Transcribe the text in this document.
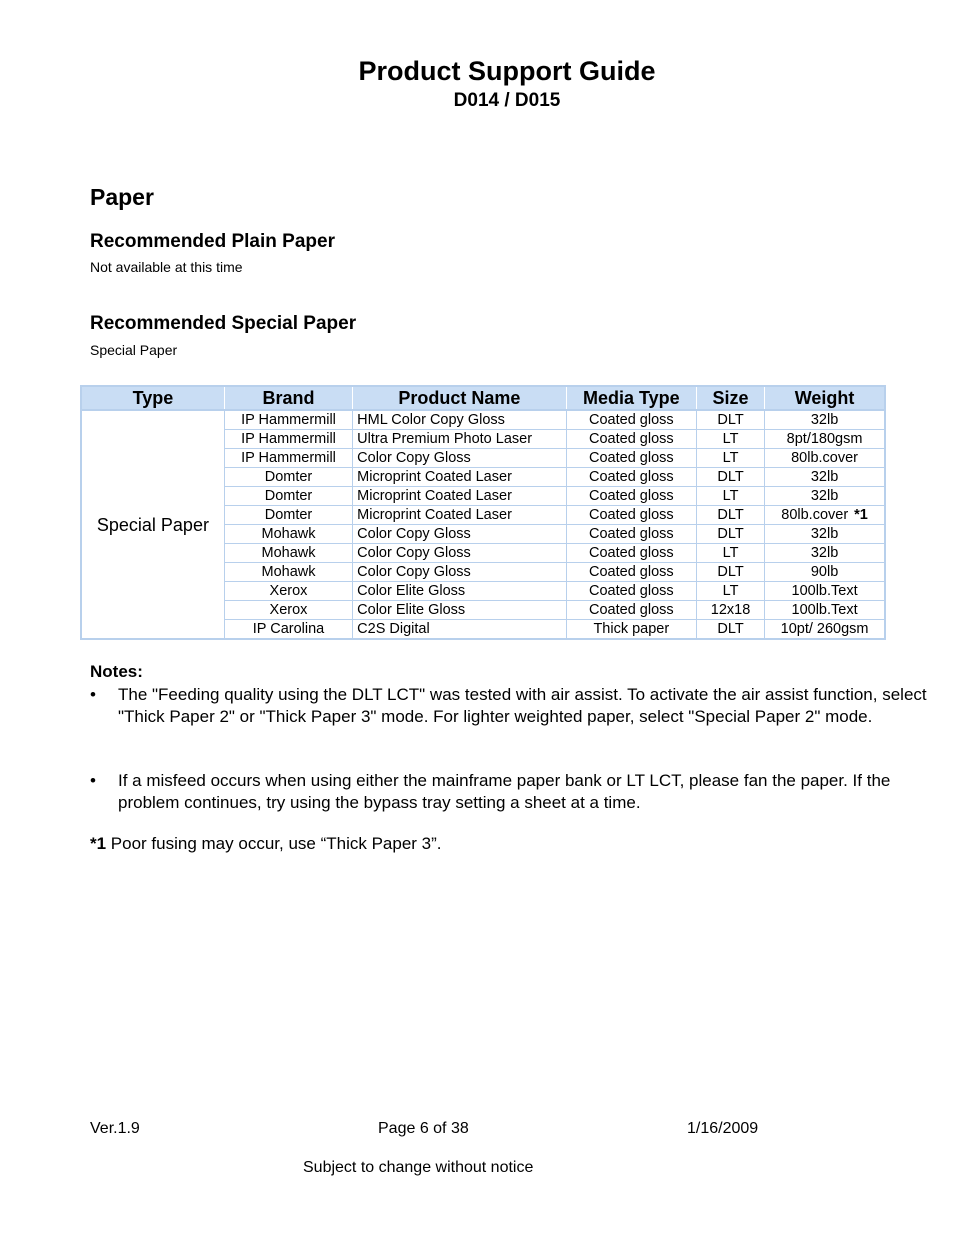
Product Support Guide
D014 / D015
Paper
Recommended Plain Paper
Not available at this time
Recommended Special Paper
Special Paper
Type	Brand	Product Name	Media Type	Size	Weight
Special Paper	IP Hammermill	HML Color Copy Gloss	Coated gloss	DLT	32lb
	IP Hammermill	Ultra Premium Photo Laser	Coated gloss	LT	8pt/180gsm
	IP Hammermill	Color Copy Gloss	Coated gloss	LT	80lb.cover
	Domter	Microprint Coated Laser	Coated gloss	DLT	32lb
	Domter	Microprint Coated Laser	Coated gloss	LT	32lb
	Domter	Microprint Coated Laser	Coated gloss	DLT	80lb.cover *1
	Mohawk	Color Copy Gloss	Coated gloss	DLT	32lb
	Mohawk	Color Copy Gloss	Coated gloss	LT	32lb
	Mohawk	Color Copy Gloss	Coated gloss	DLT	90lb
	Xerox	Color Elite Gloss	Coated gloss	LT	100lb.Text
	Xerox	Color Elite Gloss	Coated gloss	12x18	100lb.Text
	IP Carolina	C2S Digital	Thick paper	DLT	10pt/ 260gsm
Notes:
• The "Feeding quality using the DLT LCT" was tested with air assist. To activate the air assist function, select "Thick Paper 2" or "Thick Paper 3" mode. For lighter weighted paper, select "Special Paper 2" mode.
• If a misfeed occurs when using either the mainframe paper bank or LT LCT, please fan the paper. If the problem continues, try using the bypass tray setting a sheet at a time.
*1 Poor fusing may occur, use “Thick Paper 3”.
Ver.1.9	Page 6 of 38	1/16/2009
Subject to change without notice
